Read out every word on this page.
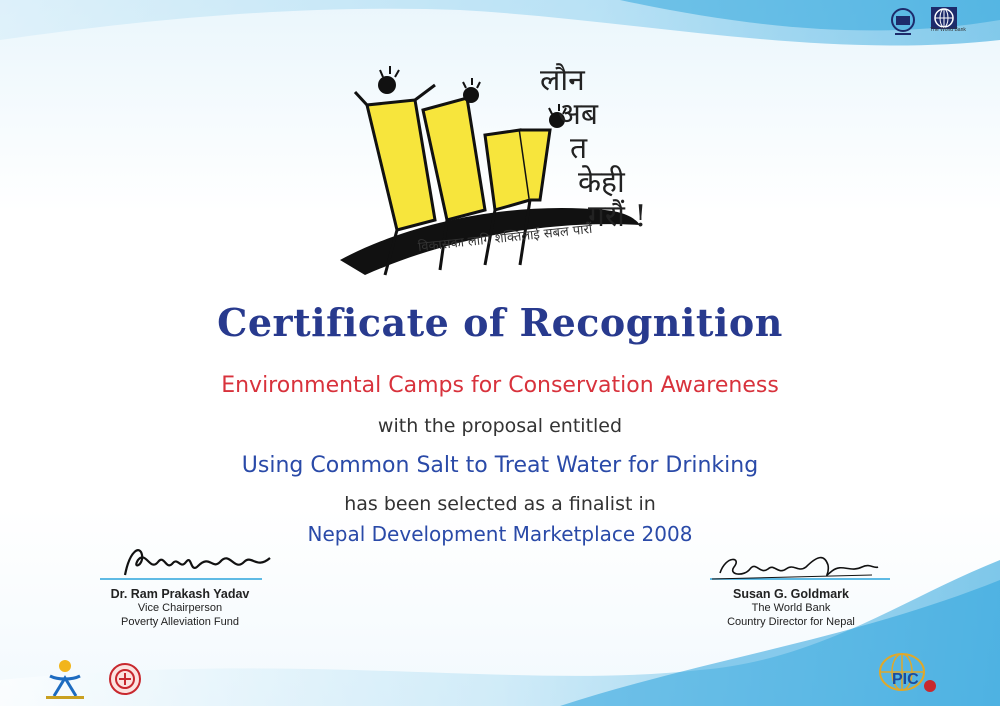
The World Bank
लौन
अब
त
केही
गरौं !
विकासका लागि शक्तिलाई सबल पारौं
Certificate of Recognition
Environmental Camps for Conservation Awareness
with the proposal entitled
Using Common Salt to Treat Water for Drinking
has been selected as a finalist in
Nepal Development Marketplace 2008
Dr. Ram Prakash Yadav
Vice Chairperson
Poverty Alleviation Fund
Susan G. Goldmark
The World Bank
Country Director for Nepal
PIC
